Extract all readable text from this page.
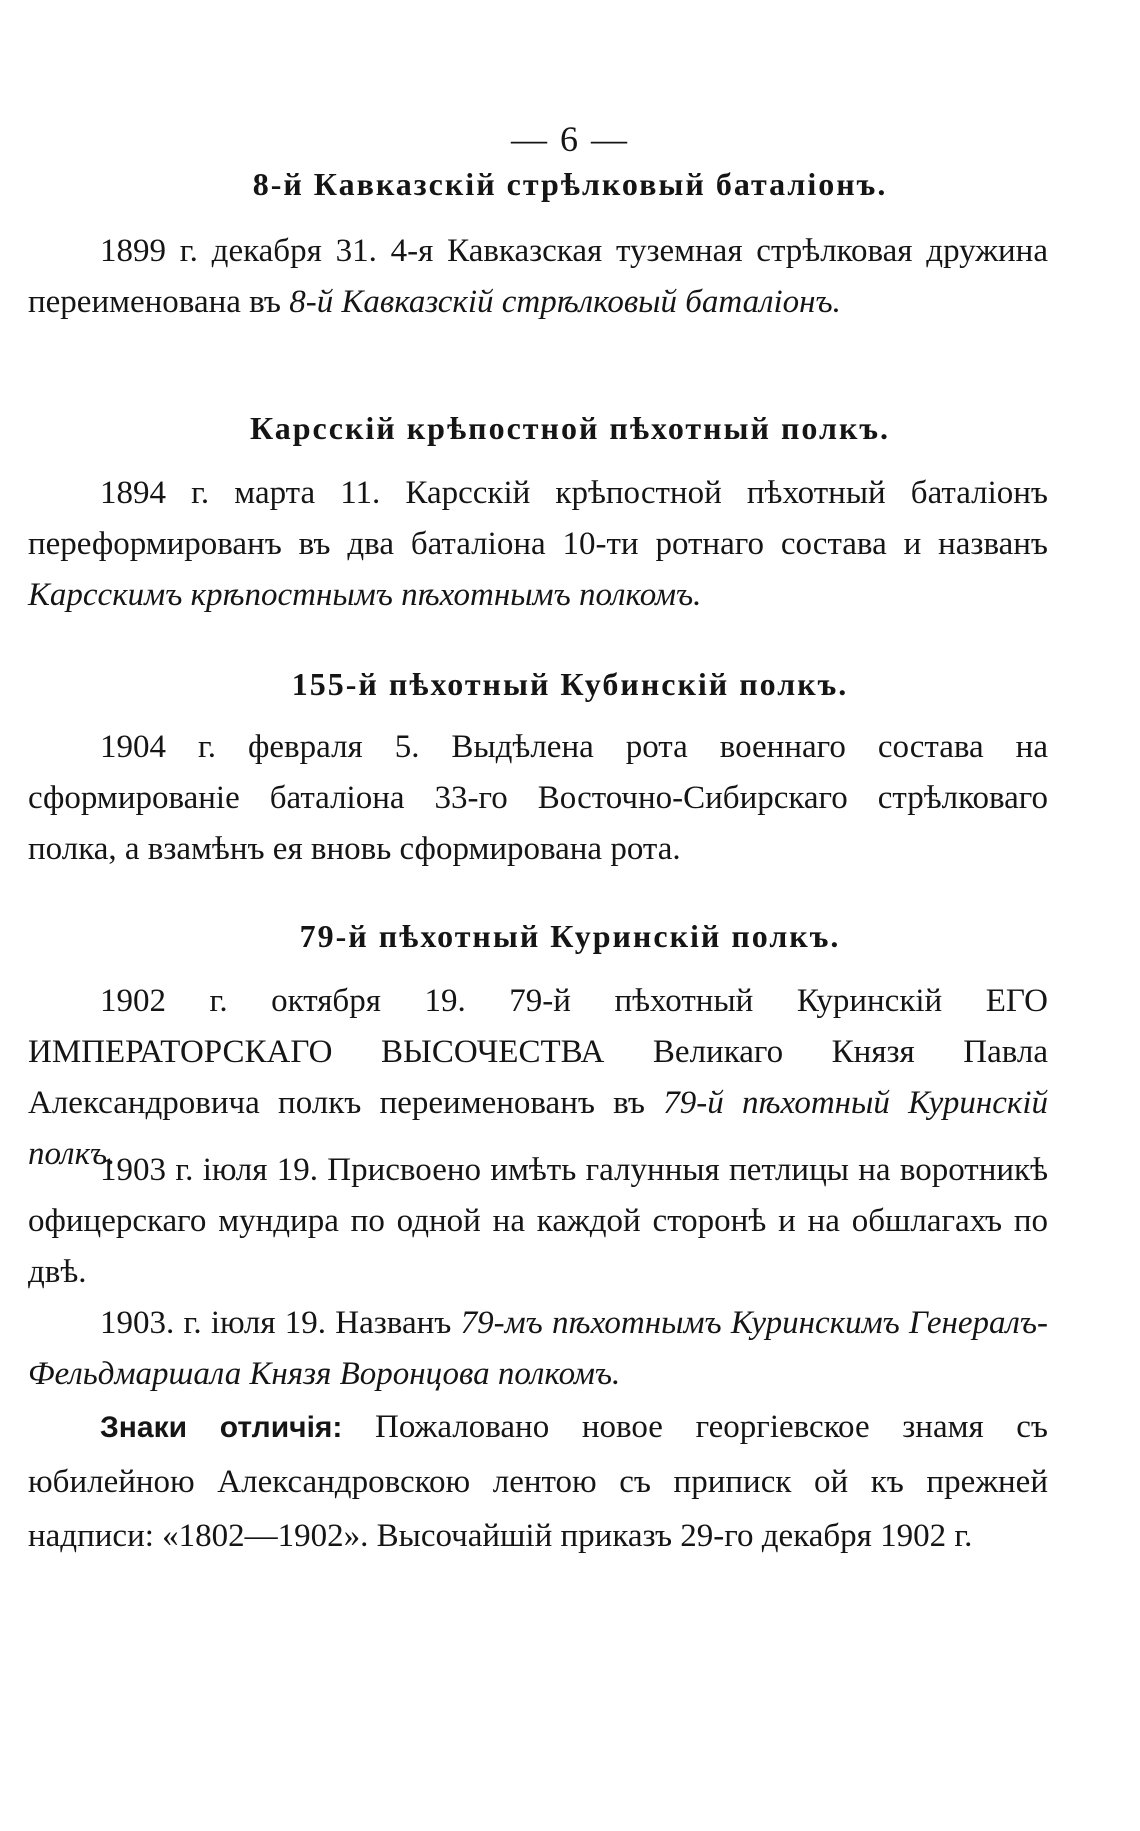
— 6 —
8-й Кавказскій стрѣлковый баталіонъ.
1899 г. декабря 31. 4-я Кавказская туземная стрѣлковая дружина переименована въ 8-й Кавказскій стрѣлковый баталіонъ.
Карсскій крѣпостной пѣхотный полкъ.
1894 г. марта 11. Карсскій крѣпостной пѣхотный баталіонъ переформированъ въ два баталіона 10-ти ротнаго состава и названъ Карсскимъ крѣпостнымъ пѣхотнымъ полкомъ.
155-й пѣхотный Кубинскій полкъ.
1904 г. февраля 5. Выдѣлена рота военнаго состава на сформированіе баталіона 33-го Восточно-Сибирскаго стрѣлковаго полка, а взамѣнъ ея вновь сформирована рота.
79-й пѣхотный Куринскій полкъ.
1902 г. октября 19. 79-й пѣхотный Куринскій ЕГО ИМПЕРАТОРСКАГО ВЫСОЧЕСТВА Великаго Князя Павла Александровича полкъ переименованъ въ 79-й пѣхотный Куринскій полкъ.
1903 г. іюля 19. Присвоено имѣть галунныя петлицы на воротникѣ офицерскаго мундира по одной на каждой сторонѣ и на обшлагахъ по двѣ.
1903. г. іюля 19. Названъ 79-мъ пѣхотнымъ Куринскимъ Генералъ-Фельдмаршала Князя Воронцова полкомъ.
Знаки отличія: Пожаловано новое георгіевское знамя съ юбилейною Александровскою лентою съ приписк ой къ прежней надписи: «1802—1902». Высочайшій приказъ 29-го декабря 1902 г.
